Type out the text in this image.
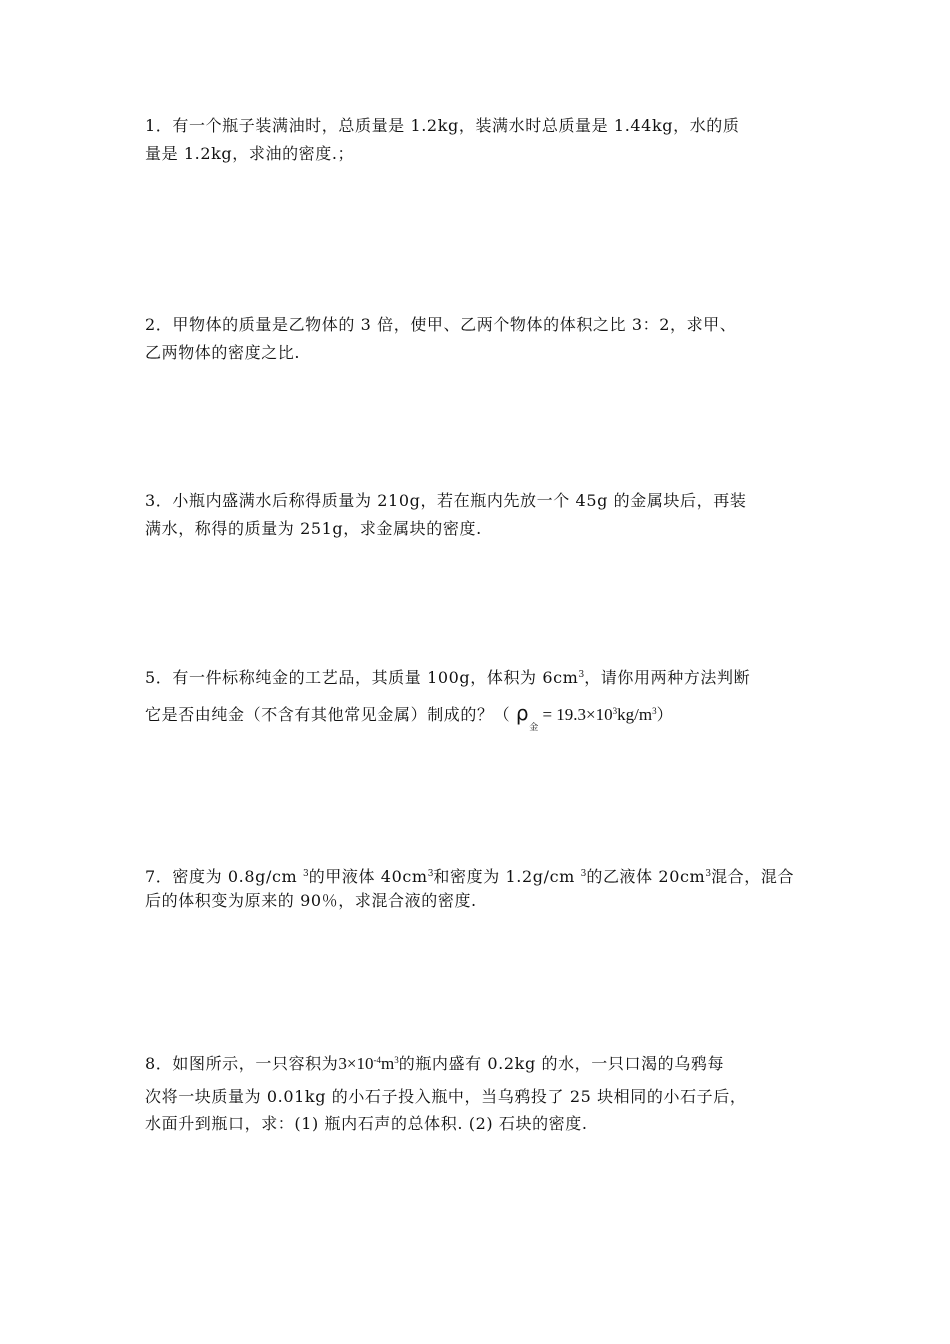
1．有一个瓶子装满油时，总质量是 1.2kg，装满水时总质量是 1.44kg，水的质
量是 1.2kg，求油的密度.；
2．甲物体的质量是乙物体的 3 倍，使甲、乙两个物体的体积之比 3：2，求甲、
乙两物体的密度之比.
3．小瓶内盛满水后称得质量为 210g，若在瓶内先放一个 45g 的金属块后，再装
满水，称得的质量为 251g，求金属块的密度.
5．有一件标称纯金的工艺品，其质量 100g，体积为 $6cm^3$，请你用两种方法判断
它是否由纯金（不含有其他常见金属）制成的？（ $\rho_金 = 19.3\times 10^3kg/m^3$）
7．密度为 0.8g/cm $^3$的甲液体 $40cm^3$和密度为 1.2g/cm $^3$的乙液体 $20cm^3$混合，混合
后的体积变为原来的 90％，求混合液的密度.
8．如图所示，一只容积为$3\times 10^{-4}m^3$的瓶内盛有 0.2kg 的水，一只口渴的乌鸦每
次将一块质量为 0.01kg 的小石子投入瓶中，当乌鸦投了 25 块相同的小石子后，
水面升到瓶口，求：(1) 瓶内石声的总体积. (2) 石块的密度.
